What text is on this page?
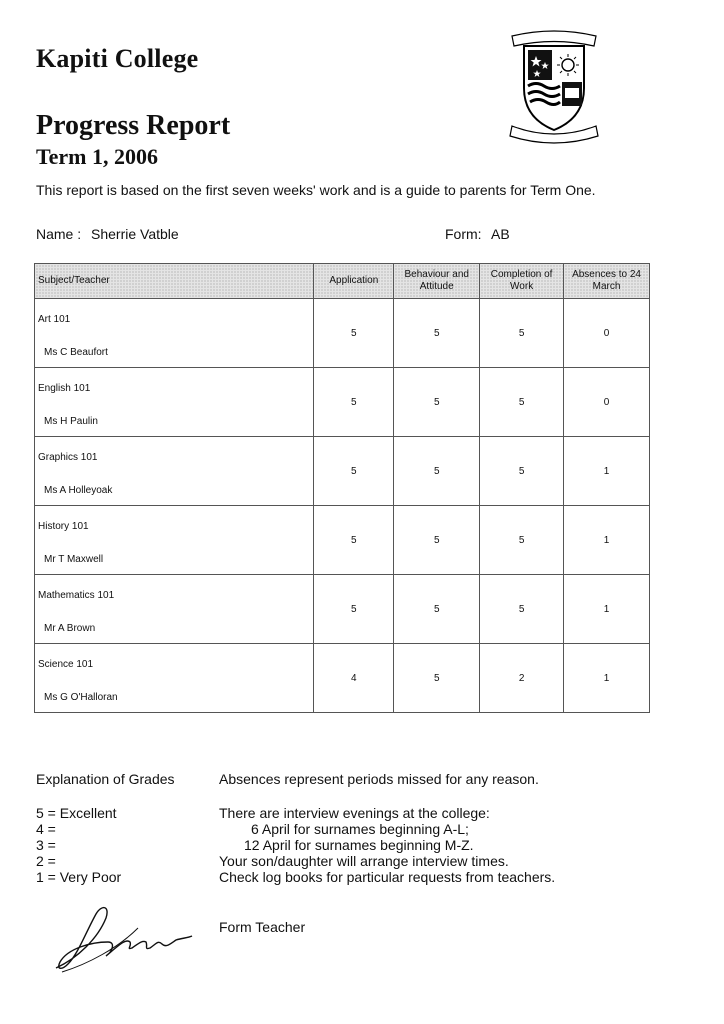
Kapiti College
Progress Report
Term 1, 2006
This report is based on the first seven weeks' work and is a guide to parents for Term One.
Name : Sherrie Vatble	Form: AB
Subject/Teacher	Application	Behaviour and Attitude	Completion of Work	Absences to 24 March

Art 101
Ms C Beaufort	5	5	5	0

English 101
Ms H Paulin	5	5	5	0

Graphics 101
Ms A Holleyoak	5	5	5	1

History 101
Mr T Maxwell	5	5	5	1

Mathematics 101
Mr A Brown	5	5	5	1

Science 101
Ms G O'Halloran	4	5	2	1
Explanation of Grades
5 = Excellent
4 =
3 =
2 =
1 = Very Poor
Absences represent periods missed for any reason.
There are interview evenings at the college:
6 April for surnames beginning A-L;
12 April for surnames beginning M-Z.
Your son/daughter will arrange interview times.
Check log books for particular requests from teachers.
Form Teacher
